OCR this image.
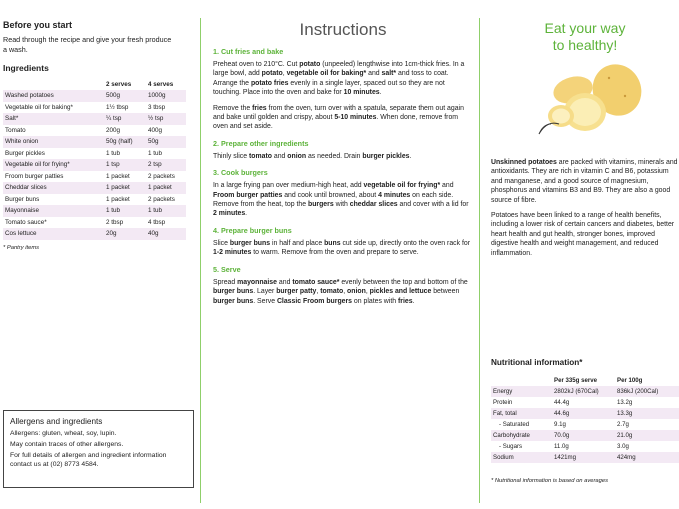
Before you start
Read through the recipe and give your fresh produce a wash.
Ingredients
	2 serves	4 serves
Washed potatoes	500g	1000g
Vegetable oil for baking*	1½ tbsp	3 tbsp
Salt*	¼ tsp	½ tsp
Tomato	200g	400g
White onion	50g (half)	50g
Burger pickles	1 tub	1 tub
Vegetable oil for frying*	1 tsp	2 tsp
Froom burger patties	1 packet	2 packets
Cheddar slices	1 packet	1 packet
Burger buns	1 packet	2 packets
Mayonnaise	1 tub	1 tub
Tomato sauce*	2 tbsp	4 tbsp
Cos lettuce	20g	40g
* Pantry items
Allergens and ingredients

Allergens: gluten, wheat, soy, lupin.

May contain traces of other allergens.

For full details of allergen and ingredient information contact us at (02) 8773 4584.

Instructions
1. Cut fries and bake

Preheat oven to 210°C. Cut potato (unpeeled) lengthwise into 1cm-thick fries. In a large bowl, add potato, vegetable oil for baking* and salt* and toss to coat. Arrange the potato fries evenly in a single layer, spaced out so they are not touching. Place into the oven and bake for 10 minutes.

Remove the fries from the oven, turn over with a spatula, separate them out again and bake until golden and crispy, about 5-10 minutes. When done, remove from oven and set aside.

2. Prepare other ingredients

Thinly slice tomato and onion as needed. Drain burger pickles.

3. Cook burgers

In a large frying pan over medium-high heat, add vegetable oil for frying* and Froom burger patties and cook until browned, about 4 minutes on each side. Remove from the heat, top the burgers with cheddar slices and cover with a lid for 2 minutes.

4. Prepare burger buns

Slice burger buns in half and place buns cut side up, directly onto the oven rack for 1-2 minutes to warm. Remove from the oven and prepare to serve.

5. Serve

Spread mayonnaise and tomato sauce* evenly between the top and bottom of the burger buns. Layer burger patty, tomato, onion, pickles and lettuce between burger buns. Serve Classic Froom burgers on plates with fries.

Eat your way
to healthy!

Unskinned potatoes are packed with vitamins, minerals and antioxidants. They are rich in vitamin C and B6, potassium and manganese, and a good source of magnesium, phosphorus and vitamins B3 and B9. They are also a good source of fibre.

Potatoes have been linked to a range of health benefits, including a lower risk of certain cancers and diabetes, better heart health and gut health, stronger bones, improved digestive health and weight management, and reduced inflammation.

Nutritional information*
	Per 335g serve	Per 100g
Energy	2802kJ (670Cal)	836kJ (200Cal)
Protein	44.4g	13.2g
Fat, total	44.6g	13.3g
- Saturated	9.1g	2.7g
Carbohydrate	70.0g	21.0g
- Sugars	11.0g	3.0g
Sodium	1421mg	424mg
* Nutritional information is based on averages
